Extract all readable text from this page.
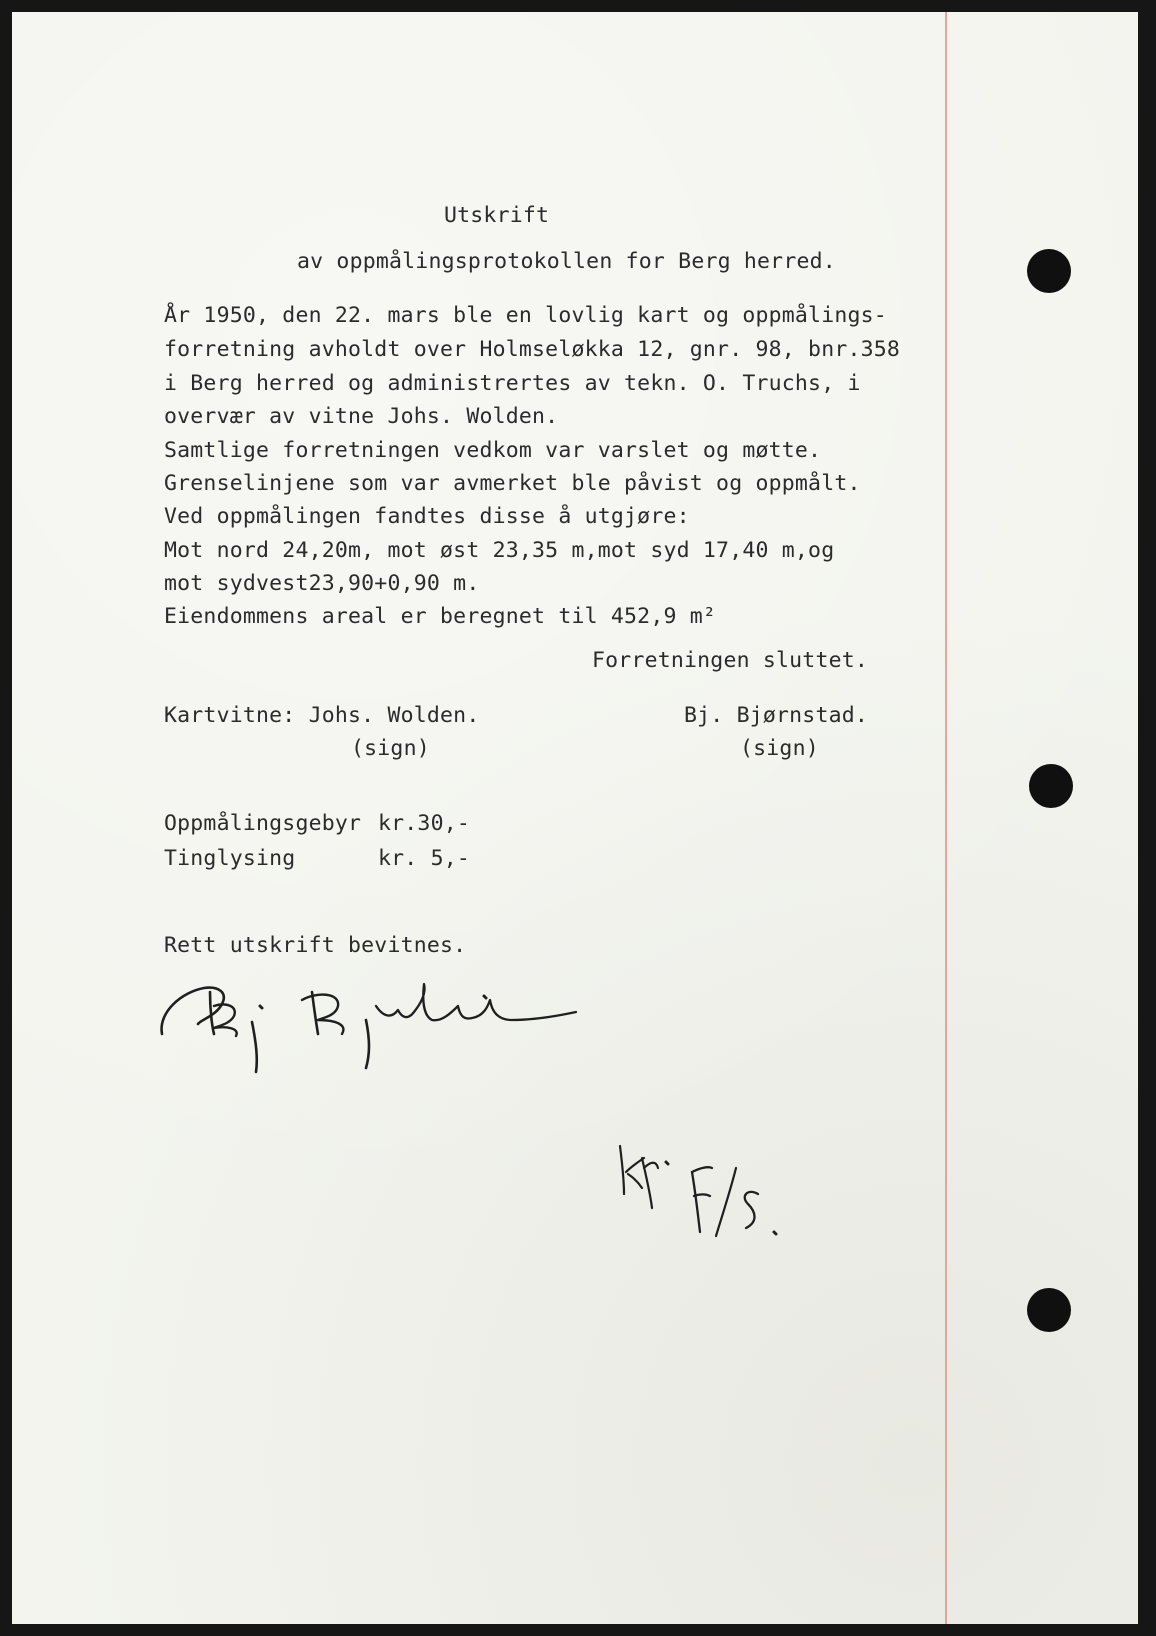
Utskrift
av oppmålingsprotokollen for Berg herred.
År 1950, den 22. mars ble en lovlig kart og oppmålings-
forretning avholdt over Holmseløkka 12, gnr. 98, bnr.358
i Berg herred og administrertes av tekn. O. Truchs, i
overvær av vitne Johs. Wolden.
Samtlige forretningen vedkom var varslet og møtte.
Grenselinjene som var avmerket ble påvist og oppmålt.
Ved oppmålingen fandtes disse å utgjøre:
Mot nord 24,20m, mot øst 23,35 m,mot syd 17,40 m,og
mot sydvest23,90+0,90 m.
Eiendommens areal er beregnet til 452,9 m²
Forretningen sluttet.
Kartvitne: Johs. Wolden.
(sign)
Bj. Bjørnstad.
(sign)
Oppmålingsgebyr kr.30,-
Tinglysing	kr. 5,-
Rett utskrift bevitnes.
